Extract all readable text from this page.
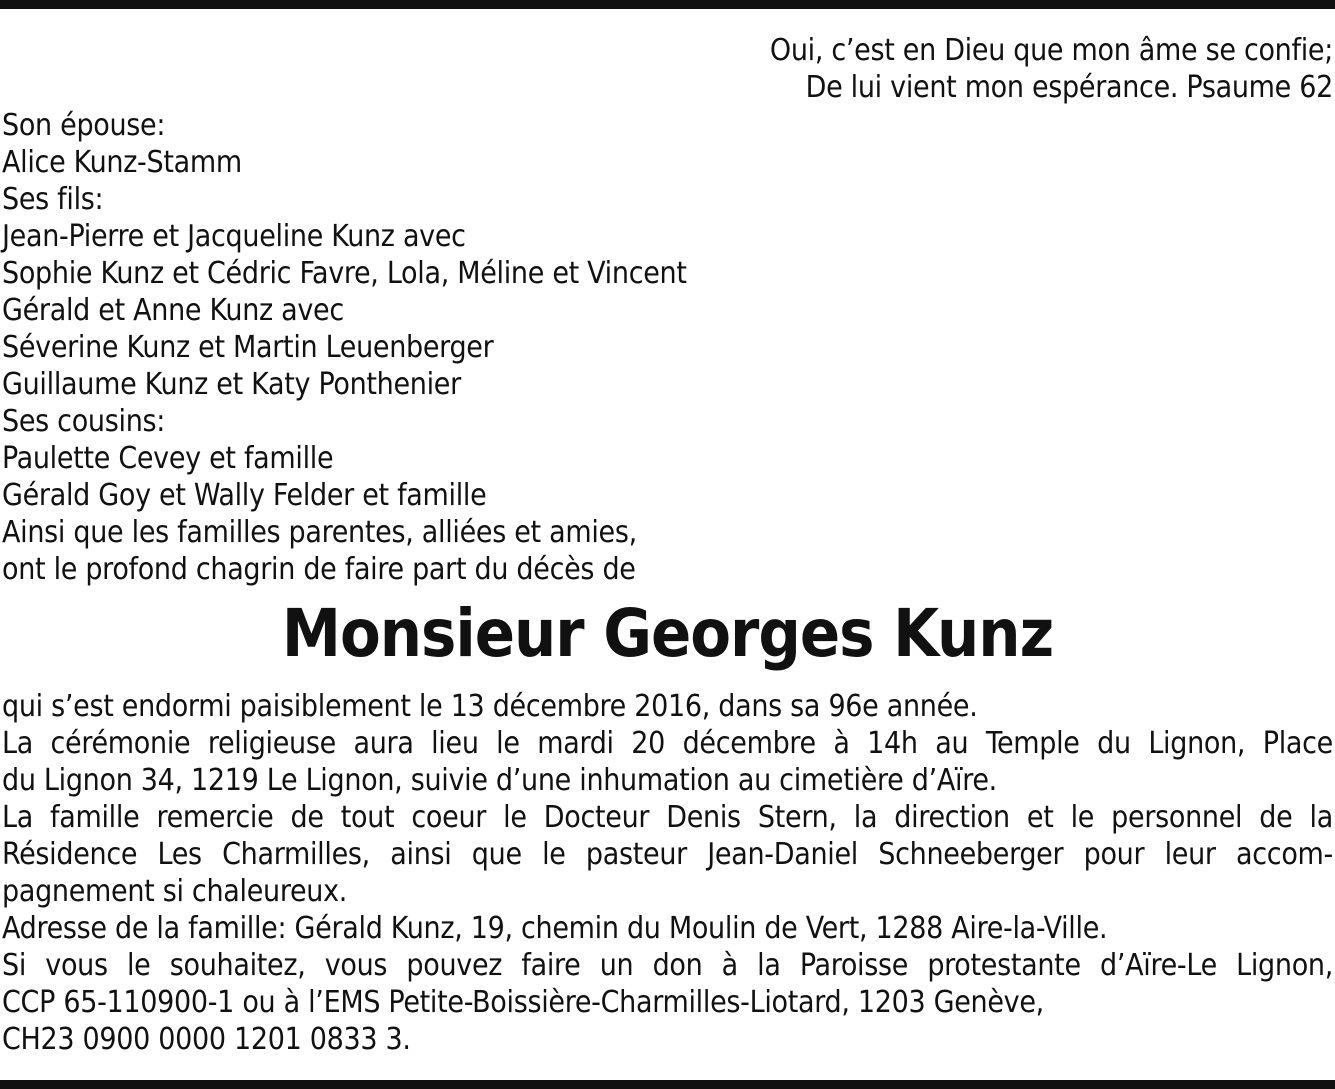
Oui, c’est en Dieu que mon âme se confie;
De lui vient mon espérance. Psaume 62
Son épouse:
Alice Kunz-Stamm
Ses fils:
Jean-Pierre et Jacqueline Kunz avec
Sophie Kunz et Cédric Favre, Lola, Méline et Vincent
Gérald et Anne Kunz avec
Séverine Kunz et Martin Leuenberger
Guillaume Kunz et Katy Ponthenier
Ses cousins:
Paulette Cevey et famille
Gérald Goy et Wally Felder et famille
Ainsi que les familles parentes, alliées et amies,
ont le profond chagrin de faire part du décès de
Monsieur Georges Kunz
qui s’est endormi paisiblement le 13 décembre 2016, dans sa 96e année.
La cérémonie religieuse aura lieu le mardi 20 décembre à 14h au Temple du Lignon, Place
du Lignon 34, 1219 Le Lignon, suivie d’une inhumation au cimetière d’Aïre.
La famille remercie de tout coeur le Docteur Denis Stern, la direction et le personnel de la
Résidence Les Charmilles, ainsi que le pasteur Jean-Daniel Schneeberger pour leur accom-
pagnement si chaleureux.
Adresse de la famille: Gérald Kunz, 19, chemin du Moulin de Vert, 1288 Aire-la-Ville.
Si vous le souhaitez, vous pouvez faire un don à la Paroisse protestante d’Aïre-Le Lignon,
CCP 65-110900-1 ou à l’EMS Petite-Boissière-Charmilles-Liotard, 1203 Genève,
CH23 0900 0000 1201 0833 3.
